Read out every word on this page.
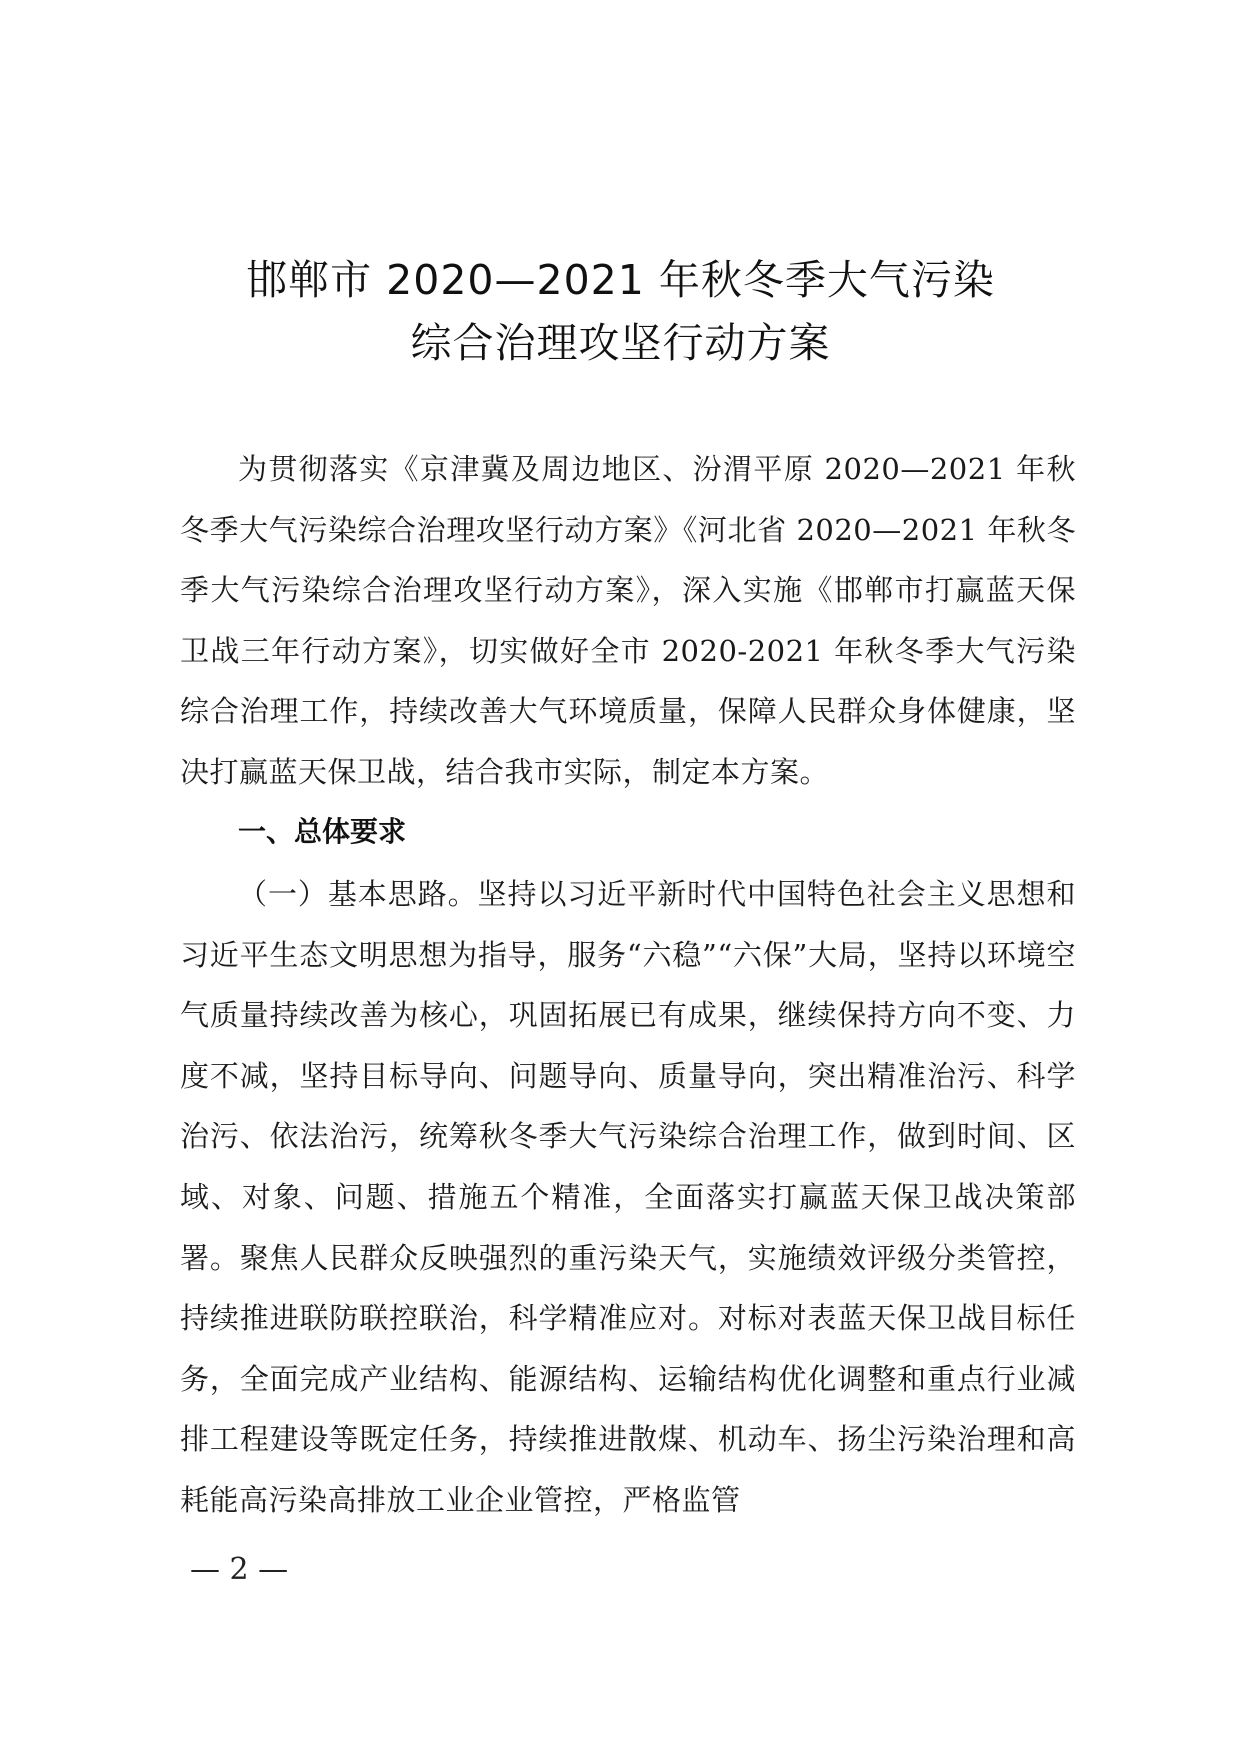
邯郸市 2020—2021 年秋冬季大气污染
综合治理攻坚行动方案
为贯彻落实《京津冀及周边地区、汾渭平原 2020—2021 年秋冬季大气污染综合治理攻坚行动方案》《河北省 2020—2021 年秋冬季大气污染综合治理攻坚行动方案》，深入实施《邯郸市打赢蓝天保卫战三年行动方案》，切实做好全市 2020-2021 年秋冬季大气污染综合治理工作，持续改善大气环境质量，保障人民群众身体健康，坚决打赢蓝天保卫战，结合我市实际，制定本方案。
一、总体要求
（一）基本思路。坚持以习近平新时代中国特色社会主义思想和习近平生态文明思想为指导，服务“六稳”“六保”大局，坚持以环境空气质量持续改善为核心，巩固拓展已有成果，继续保持方向不变、力度不减，坚持目标导向、问题导向、质量导向，突出精准治污、科学治污、依法治污，统筹秋冬季大气污染综合治理工作，做到时间、区域、对象、问题、措施五个精准，全面落实打赢蓝天保卫战决策部署。聚焦人民群众反映强烈的重污染天气，实施绩效评级分类管控，持续推进联防联控联治，科学精准应对。对标对表蓝天保卫战目标任务，全面完成产业结构、能源结构、运输结构优化调整和重点行业减排工程建设等既定任务，持续推进散煤、机动车、扬尘污染治理和高耗能高污染高排放工业企业管控，严格监管
— 2 —
